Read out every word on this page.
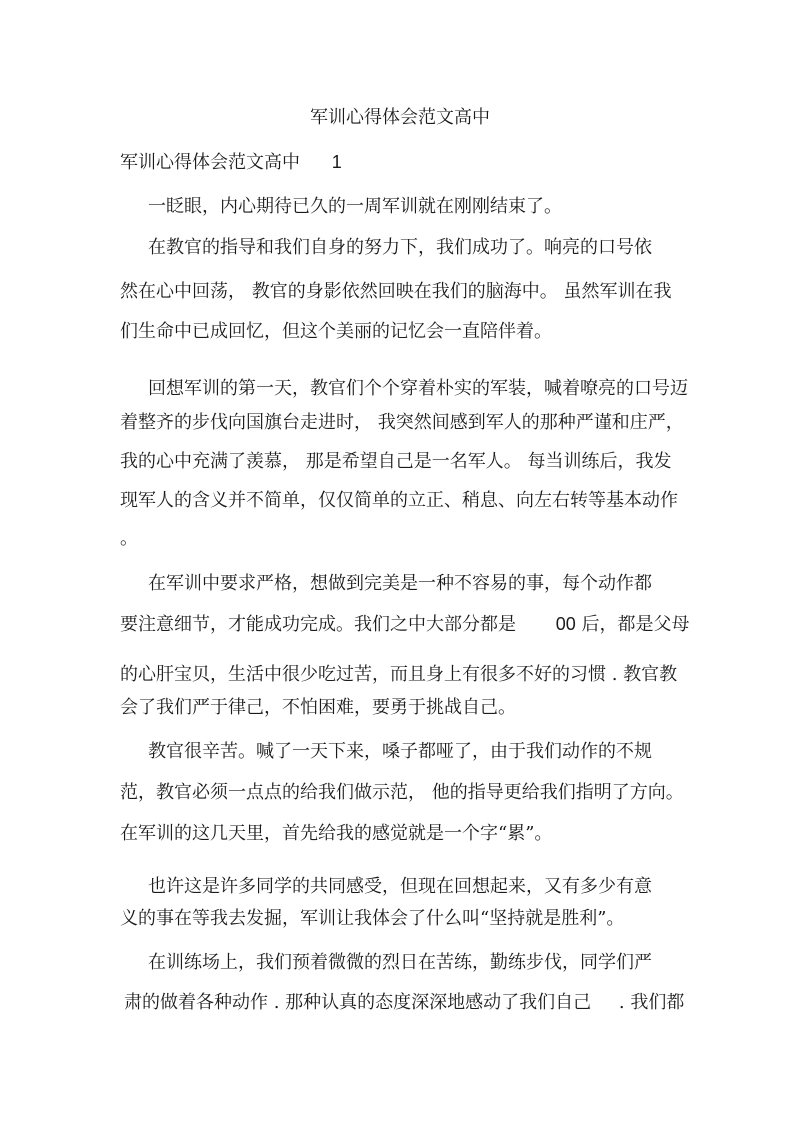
军训心得体会范文高中
军训心得体会范文高中 1
一眨眼，内心期待已久的一周军训就在刚刚结束了。
在教官的指导和我们自身的努力下，我们成功了。响亮的口号依
然在心中回荡， 教官的身影依然回映在我们的脑海中。 虽然军训在我
们生命中已成回忆，但这个美丽的记忆会一直陪伴着。
回想军训的第一天，教官们个个穿着朴实的军装，喊着嘹亮的口号迈
着整齐的步伐向国旗台走进时， 我突然间感到军人的那种严谨和庄严，
我的心中充满了羡慕， 那是希望自己是一名军人。 每当训练后，我发
现军人的含义并不简单，仅仅简单的立正、稍息、向左右转等基本动作
。
在军训中要求严格，想做到完美是一种不容易的事，每个动作都
要注意细节，才能成功完成。我们之中大部分都是 00 后，都是父母
的心肝宝贝，生活中很少吃过苦，而且身上有很多不好的习惯 . 教官教
会了我们严于律己，不怕困难，要勇于挑战自己。
教官很辛苦。喊了一天下来，嗓子都哑了，由于我们动作的不规
范，教官必须一点点的给我们做示范， 他的指导更给我们指明了方向。
在军训的这几天里，首先给我的感觉就是一个字“累”。
也许这是许多同学的共同感受，但现在回想起来，又有多少有意
义的事在等我去发掘，军训让我体会了什么叫“坚持就是胜利”。
在训练场上，我们预着微微的烈日在苦练，勤练步伐，同学们严
肃的做着各种动作 . 那种认真的态度深深地感动了我们自己 . 我们都
